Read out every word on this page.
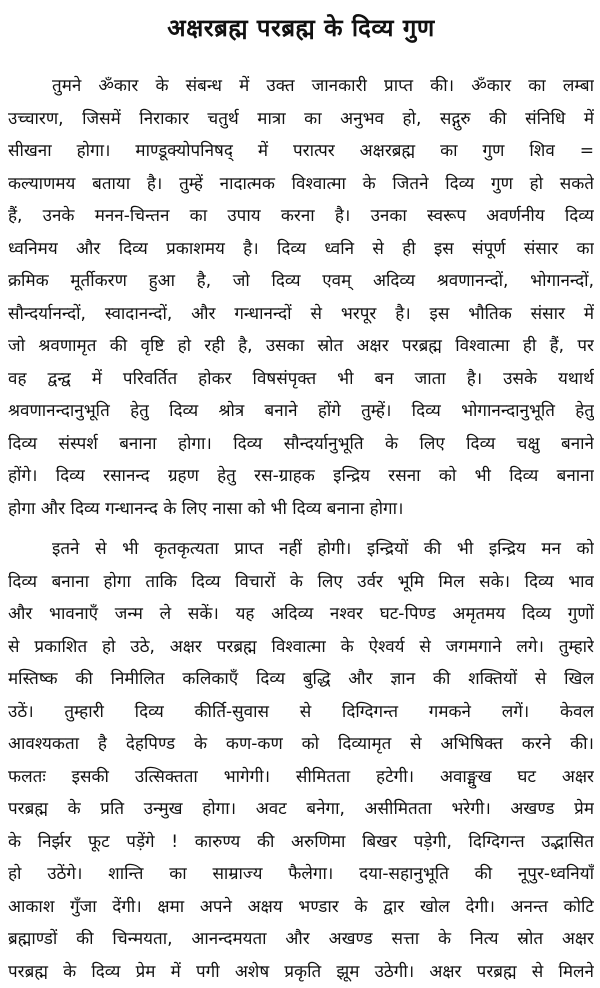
अक्षरब्रह्म परब्रह्म के दिव्य गुण
तुमने ॐकार के संबन्ध में उक्त जानकारी प्राप्त की। ॐकार का लम्बा
उच्चारण, जिसमें निराकार चतुर्थ मात्रा का अनुभव हो, सद्गुरु की संनिधि में
सीखना होगा। माण्डूक्योपनिषद् में परात्पर अक्षरब्रह्म का गुण शिव =
कल्याणमय बताया है। तुम्हें नादात्मक विश्वात्मा के जितने दिव्य गुण हो सकते
हैं, उनके मनन-चिन्तन का उपाय करना है। उनका स्वरूप अवर्णनीय दिव्य
ध्वनिमय और दिव्य प्रकाशमय है। दिव्य ध्वनि से ही इस संपूर्ण संसार का
क्रमिक मूर्तीकरण हुआ है, जो दिव्य एवम् अदिव्य श्रवणानन्दों, भोगानन्दों,
सौन्दर्यानन्दों, स्वादानन्दों, और गन्धानन्दों से भरपूर है। इस भौतिक संसार में
जो श्रवणामृत की वृष्टि हो रही है, उसका स्रोत अक्षर परब्रह्म विश्वात्मा ही हैं, पर
वह द्वन्द्व में परिवर्तित होकर विषसंपृक्त भी बन जाता है। उसके यथार्थ
श्रवणानन्दानुभूति हेतु दिव्य श्रोत्र बनाने होंगे तुम्हें। दिव्य भोगानन्दानुभूति हेतु
दिव्य संस्पर्श बनाना होगा। दिव्य सौन्दर्यानुभूति के लिए दिव्य चक्षु बनाने
होंगे। दिव्य रसानन्द ग्रहण हेतु रस-ग्राहक इन्द्रिय रसना को भी दिव्य बनाना
होगा और दिव्य गन्धानन्द के लिए नासा को भी दिव्य बनाना होगा।
इतने से भी कृतकृत्यता प्राप्त नहीं होगी। इन्द्रियों की भी इन्द्रिय मन को
दिव्य बनाना होगा ताकि दिव्य विचारों के लिए उर्वर भूमि मिल सके। दिव्य भाव
और भावनाएँ जन्म ले सकें। यह अदिव्य नश्वर घट-पिण्ड अमृतमय दिव्य गुणों
से प्रकाशित हो उठे, अक्षर परब्रह्म विश्वात्मा के ऐश्वर्य से जगमगाने लगे। तुम्हारे
मस्तिष्क की निमीलित कलिकाएँ दिव्य बुद्धि और ज्ञान की शक्तियों से खिल
उठें। तुम्हारी दिव्य कीर्ति-सुवास से दिग्दिगन्त गमकने लगें। केवल
आवश्यकता है देहपिण्ड के कण-कण को दिव्यामृत से अभिषिक्त करने की।
फलतः इसकी उत्सिक्तता भागेगी। सीमितता हटेगी। अवाङ्मुख घट अक्षर
परब्रह्म के प्रति उन्मुख होगा। अवट बनेगा, असीमितता भरेगी। अखण्ड प्रेम
के निर्झर फूट पड़ेंगे ! कारुण्य की अरुणिमा बिखर पड़ेगी, दिग्दिगन्त उद्भासित
हो उठेंगे। शान्ति का साम्राज्य फैलेगा। दया-सहानुभूति की नूपुर-ध्वनियाँ
आकाश गुँजा देंगी। क्षमा अपने अक्षय भण्डार के द्वार खोल देगी। अनन्त कोटि
ब्रह्माण्डों की चिन्मयता, आनन्दमयता और अखण्ड सत्ता के नित्य स्रोत अक्षर
परब्रह्म के दिव्य प्रेम में पगी अशेष प्रकृति झूम उठेगी। अक्षर परब्रह्म से मिलने
